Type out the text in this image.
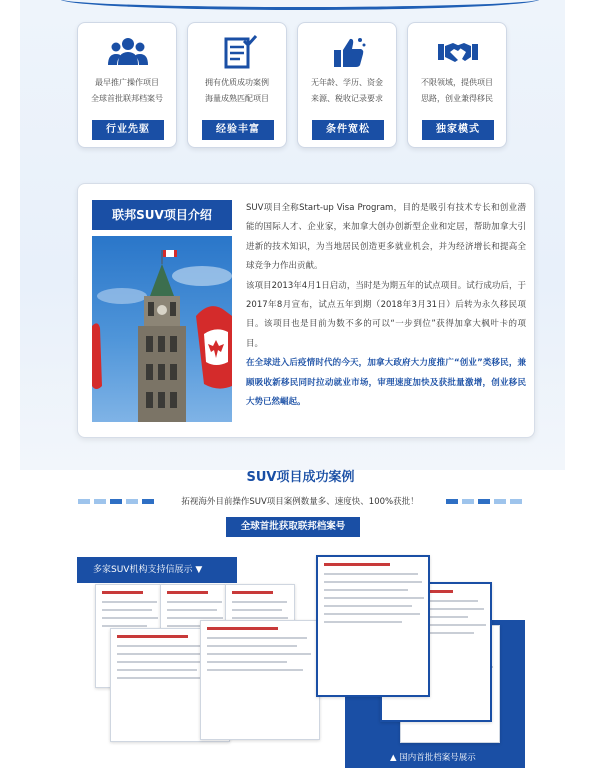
最早推广操作项目
全球首批联邦档案号
行业先驱
拥有优质成功案例
海量成熟匹配项目
经验丰富
无年龄、学历、资金
来源、税收记录要求
条件宽松
不限领域，提供项目
思路，创业兼得移民
独家模式
联邦SUV项目介绍	SUV项目全称Start-up Visa Program，目的是吸引有技术专长和创业潜能的国际人才、企业家，来加拿大创办创新型企业和定居，帮助加拿大引进新的技术知识，为当地居民创造更多就业机会，并为经济增长和提高全球竞争力作出贡献。

该项目2013年4月1日启动，当时是为期五年的试点项目。试行成功后，于2017年8月宣布，试点五年到期（2018年3月31日）后转为永久移民项目。该项目也是目前为数不多的可以“一步到位”获得加拿大枫叶卡的项目。

在全球进入后疫情时代的今天，加拿大政府大力度推广“创业”类移民，兼顾吸收新移民同时拉动就业市场，审理速度加快及获批量激增，创业移民大势已然崛起。

SUV项目成功案例
拓视海外目前操作SUV项目案例数量多、速度快、100%获批！
全球首批获取联邦档案号
多家SUV机构支持信展示 ▼
▲ 国内首批档案号展示
